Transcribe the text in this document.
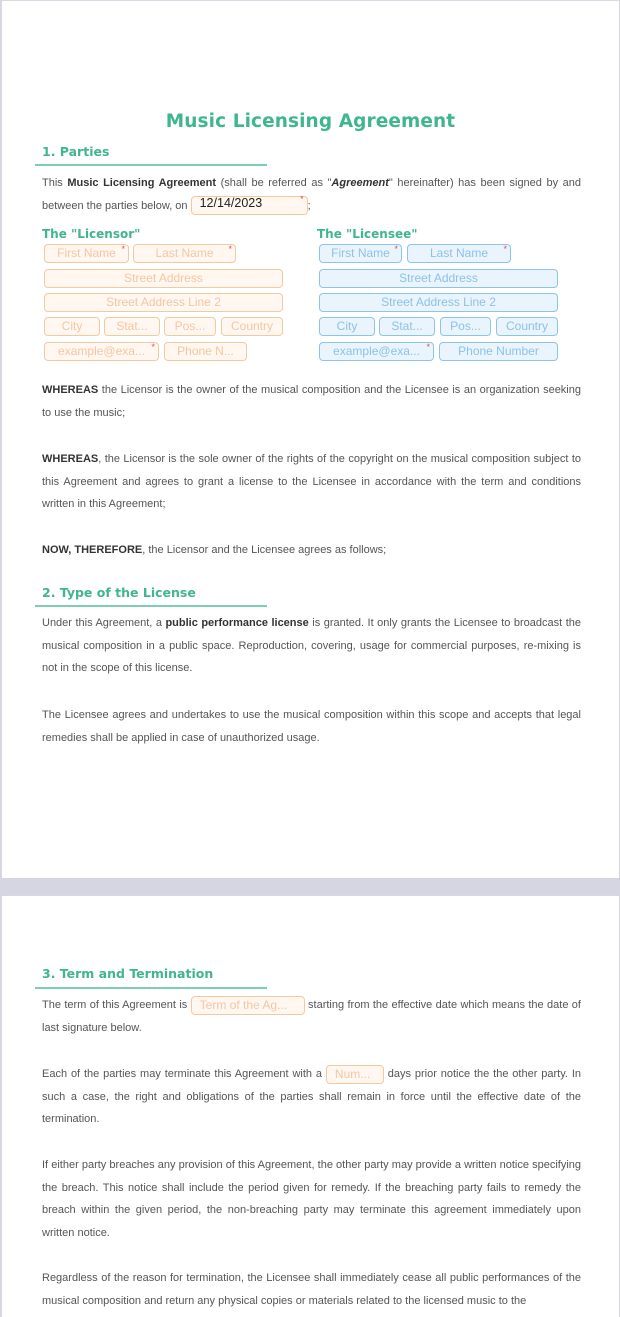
Music Licensing Agreement
1. Parties
This Music Licensing Agreement (shall be referred as "Agreement" hereinafter) has been signed by and between the parties below, on 12/14/2023 *	;
The "Licensor"
First Name *	Last Name *
Street Address
Street Address Line 2
City	Stat...	Pos...	Country
example@exa... *	Phone N...
The "Licensee"
First Name *	Last Name *
Street Address
Street Address Line 2
City	Stat...	Pos...	Country
example@exa... *	Phone Number
WHEREAS the Licensor is the owner of the musical composition and the Licensee is an organization seeking to use the music;
WHEREAS, the Licensor is the sole owner of the rights of the copyright on the musical composition subject to this Agreement and agrees to grant a license to the Licensee in accordance with the term and conditions written in this Agreement;
NOW, THEREFORE, the Licensor and the Licensee agrees as follows;
2. Type of the License
Under this Agreement, a public performance license is granted. It only grants the Licensee to broadcast the musical composition in a public space. Reproduction, covering, usage for commercial purposes, re-mixing is not in the scope of this license.
The Licensee agrees and undertakes to use the musical composition within this scope and accepts that legal remedies shall be applied in case of unauthorized usage.
3. Term and Termination
The term of this Agreement is Term of the Ag... starting from the effective date which means the date of last signature below.
Each of the parties may terminate this Agreement with a Num... days prior notice the the other party. In such a case, the right and obligations of the parties shall remain in force until the effective date of the termination.
If either party breaches any provision of this Agreement, the other party may provide a written notice specifying the breach. This notice shall include the period given for remedy. If the breaching party fails to remedy the breach within the given period, the non-breaching party may terminate this agreement immediately upon written notice.
Regardless of the reason for termination, the Licensee shall immediately cease all public performances of the musical composition and return any physical copies or materials related to the licensed music to the
